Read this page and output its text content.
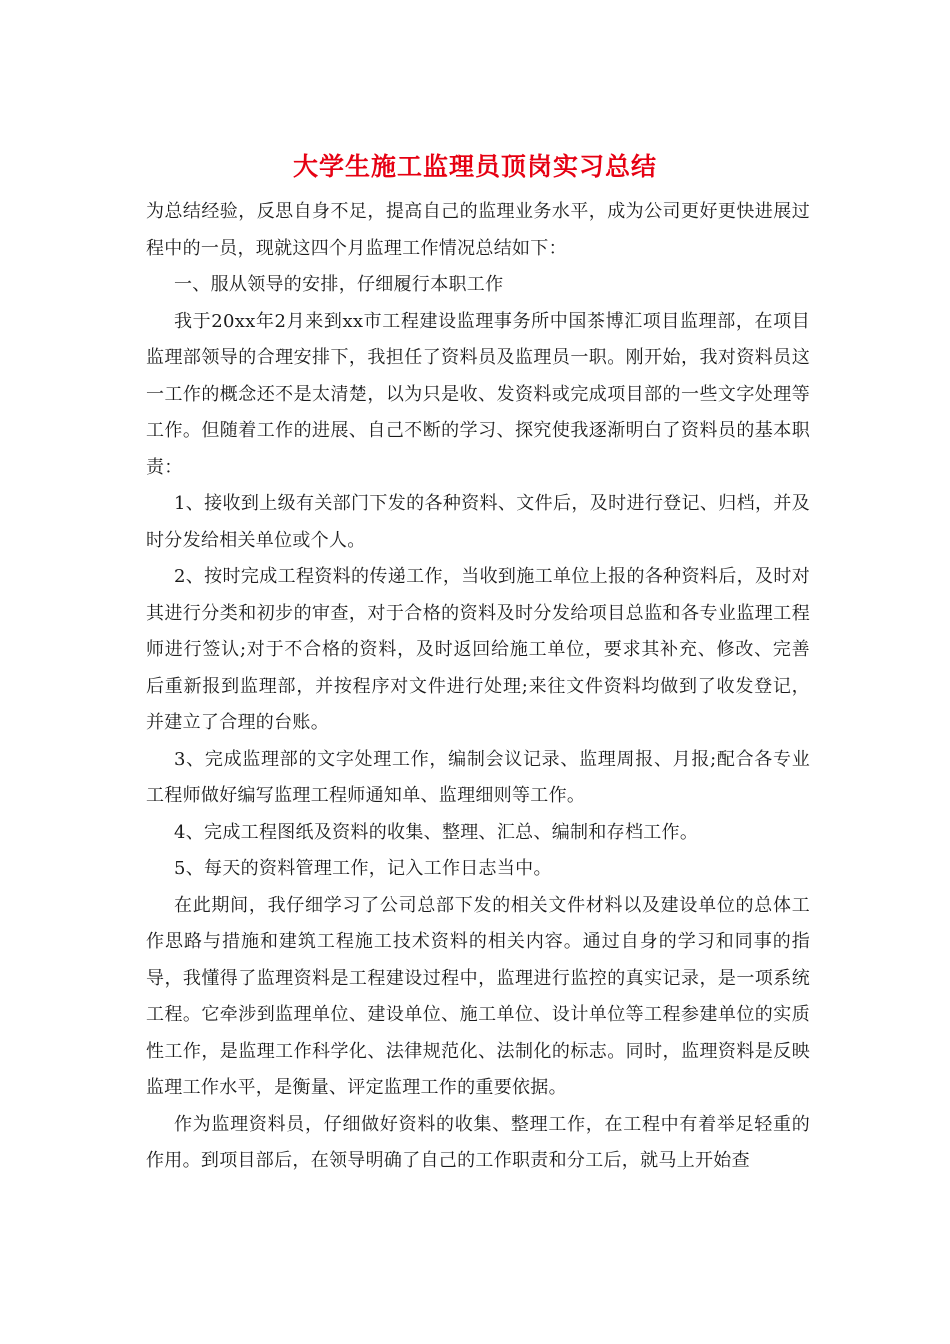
大学生施工监理员顶岗实习总结

为总结经验，反思自身不足，提高自己的监理业务水平，成为公司更好更快进展过程中的一员，现就这四个月监理工作情况总结如下：

一、服从领导的安排，仔细履行本职工作

我于20xx年2月来到xx市工程建设监理事务所中国茶博汇项目监理部，在项目监理部领导的合理安排下，我担任了资料员及监理员一职。刚开始，我对资料员这一工作的概念还不是太清楚，以为只是收、发资料或完成项目部的一些文字处理等工作。但随着工作的进展、自己不断的学习、探究使我逐渐明白了资料员的基本职责：

1、接收到上级有关部门下发的各种资料、文件后，及时进行登记、归档，并及时分发给相关单位或个人。

2、按时完成工程资料的传递工作，当收到施工单位上报的各种资料后，及时对其进行分类和初步的审查，对于合格的资料及时分发给项目总监和各专业监理工程师进行签认;对于不合格的资料，及时返回给施工单位，要求其补充、修改、完善后重新报到监理部，并按程序对文件进行处理;来往文件资料均做到了收发登记，并建立了合理的台账。

3、完成监理部的文字处理工作，编制会议记录、监理周报、月报;配合各专业工程师做好编写监理工程师通知单、监理细则等工作。

4、完成工程图纸及资料的收集、整理、汇总、编制和存档工作。

5、每天的资料管理工作，记入工作日志当中。

在此期间，我仔细学习了公司总部下发的相关文件材料以及建设单位的总体工作思路与措施和建筑工程施工技术资料的相关内容。通过自身的学习和同事的指导，我懂得了监理资料是工程建设过程中，监理进行监控的真实记录，是一项系统工程。它牵涉到监理单位、建设单位、施工单位、设计单位等工程参建单位的实质性工作，是监理工作科学化、法律规范化、法制化的标志。同时，监理资料是反映监理工作水平，是衡量、评定监理工作的重要依据。

作为监理资料员，仔细做好资料的收集、整理工作，在工程中有着举足轻重的作用。到项目部后，在领导明确了自己的工作职责和分工后，就马上开始查
